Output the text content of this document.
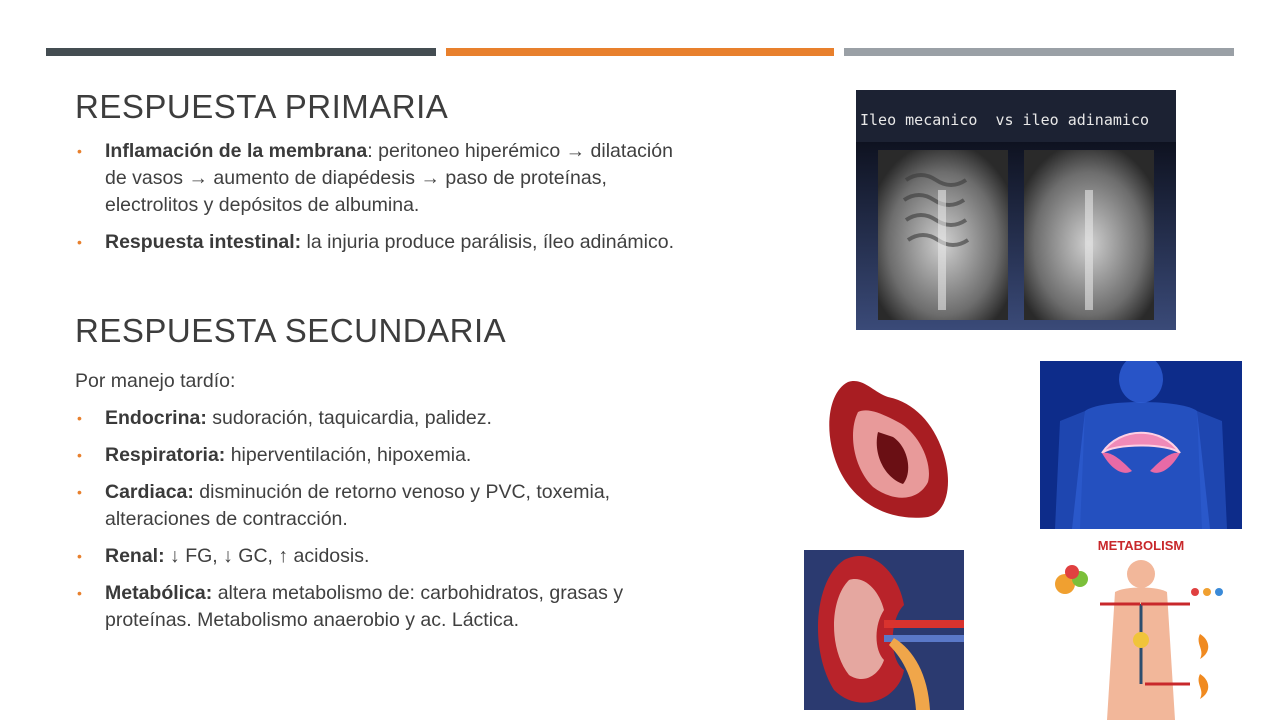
RESPUESTA PRIMARIA
• Inflamación de la membrana: peritoneo hiperémico → dilatación de vasos → aumento de diapédesis → paso de proteínas, electrolitos y depósitos de albumina.
• Respuesta intestinal: la injuria produce parálisis, íleo adinámico.
RESPUESTA SECUNDARIA
Por manejo tardío:
• Endocrina: sudoración, taquicardia, palidez.
• Respiratoria: hiperventilación, hipoxemia.
• Cardiaca: disminución de retorno venoso y PVC, toxemia, alteraciones de contracción.
• Renal: ↓ FG, ↓ GC, ↑ acidosis.
• Metabólica: altera metabolismo de: carbohidratos, grasas y proteínas. Metabolismo anaerobio y ac. Láctica.
Ileo mecanico  vs ileo adinamico
METABOLISM
